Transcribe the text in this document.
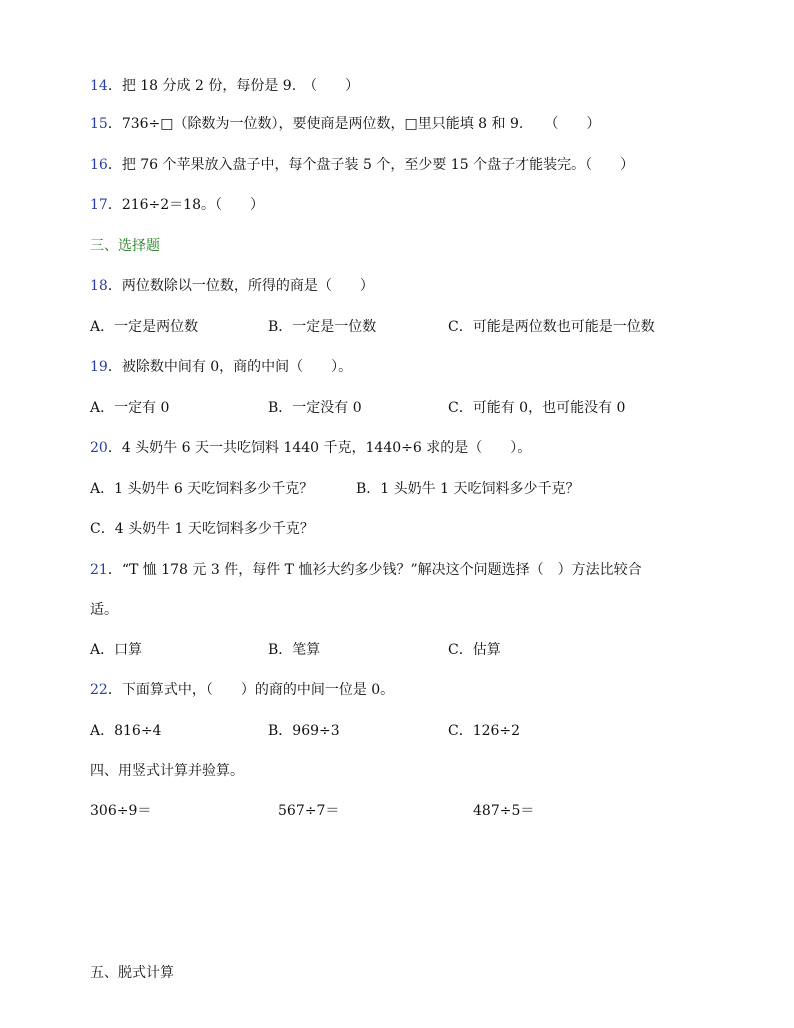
14．把 18 分成 2 份，每份是 9.　（　　）
15．736÷□（除数为一位数），要使商是两位数，□里只能填 8 和 9.　　（　　）
16．把 76 个苹果放入盘子中，每个盘子装 5 个，至少要 15 个盘子才能装完。（　　）
17．216÷2＝18。（　　）
三、选择题
18．两位数除以一位数，所得的商是（　　）
A．一定是两位数	B．一定是一位数	C．可能是两位数也可能是一位数
19．被除数中间有 0，商的中间（　　）。
A．一定有 0	B．一定没有 0	C．可能有 0，也可能没有 0
20．4 头奶牛 6 天一共吃饲料 1440 千克，1440÷6 求的是（　　）。
A．1 头奶牛 6 天吃饲料多少千克？	B．1 头奶牛 1 天吃饲料多少千克？
C．4 头奶牛 1 天吃饲料多少千克？
21．“T 恤 178 元 3 件，每件 T 恤衫大约多少钱？”解决这个问题选择（　）方法比较合
适。
A．口算	B．笔算	C．估算
22．下面算式中，（　　）的商的中间一位是 0。
A．816÷4	B．969÷3	C．126÷2
四、用竖式计算并验算。
306÷9＝	567÷7＝	487÷5＝
五、脱式计算
